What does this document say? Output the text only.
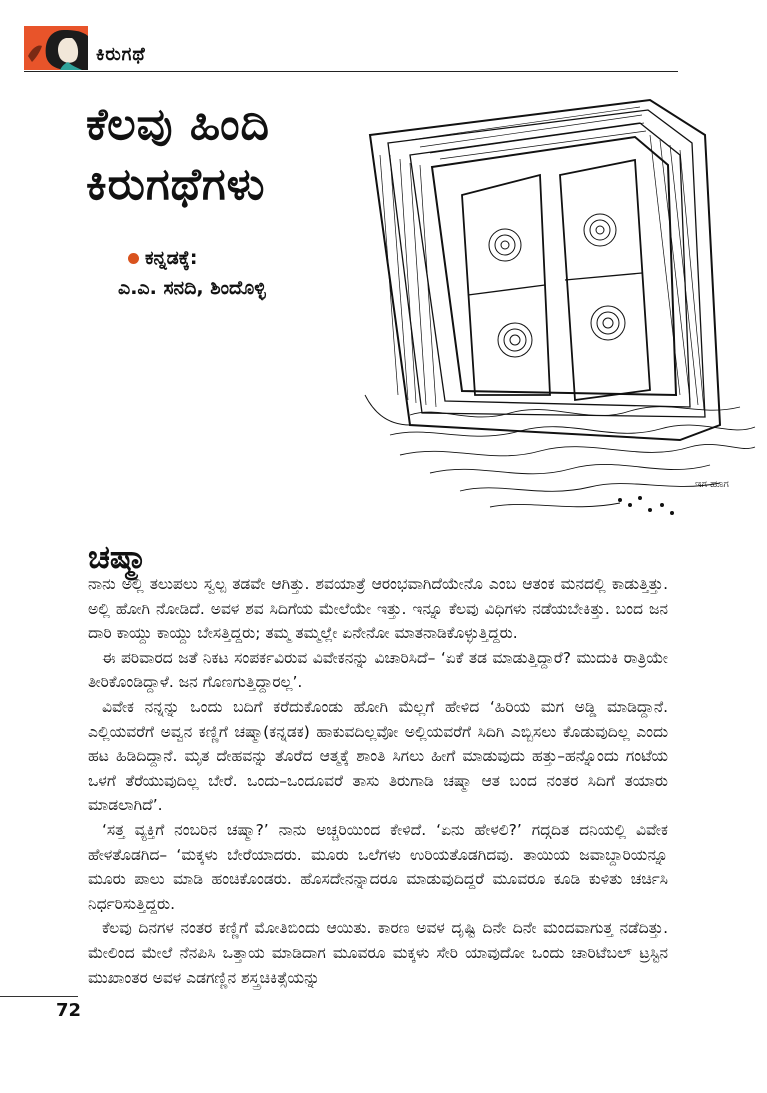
ಕಿರುಗಥೆ
ಕೆಲವು ಹಿಂದಿ
ಕಿರುಗಥೆಗಳು
ಕನ್ನಡಕ್ಕೆ:
ಎ.ಎ. ಸನದಿ, ಶಿಂದೊಳ್ಳಿ
ಇಗ ಹೂಗ
ಚಷ್ಮಾ

ನಾನು ಅಲ್ಲಿ ತಲುಪಲು ಸ್ವಲ್ಪ ತಡವೇ ಆಗಿತ್ತು. ಶವಯಾತ್ರೆ ಆರಂಭವಾಗಿದೆಯೇನೊ ಎಂಬ ಆತಂಕ ಮನದಲ್ಲಿ ಕಾಡುತ್ತಿತ್ತು. ಅಲ್ಲಿ ಹೋಗಿ ನೋಡಿದೆ. ಅವಳ ಶವ ಸಿದಿಗೆಯ ಮೇಲೆಯೇ ಇತ್ತು. ಇನ್ನೂ ಕೆಲವು ವಿಧಿಗಳು ನಡೆಯಬೇಕಿತ್ತು. ಬಂದ ಜನ ದಾರಿ ಕಾಯ್ದು ಕಾಯ್ದು ಬೇಸತ್ತಿದ್ದರು; ತಮ್ಮ ತಮ್ಮಲ್ಲೇ ಏನೇನೋ ಮಾತನಾಡಿಕೊಳ್ಳುತ್ತಿದ್ದರು.

ಈ ಪರಿವಾರದ ಜತೆ ನಿಕಟ ಸಂಪರ್ಕವಿರುವ ವಿವೇಕನನ್ನು ವಿಚಾರಿಸಿದೆ– ‘ಏಕೆ ತಡ ಮಾಡುತ್ತಿದ್ದಾರೆ? ಮುದುಕಿ ರಾತ್ರಿಯೇ ತೀರಿಕೊಂಡಿದ್ದಾಳೆ. ಜನ ಗೊಣಗುತ್ತಿದ್ದಾರಲ್ಲ’.

ವಿವೇಕ ನನ್ನನ್ನು ಒಂದು ಬದಿಗೆ ಕರೆದುಕೊಂಡು ಹೋಗಿ ಮೆಲ್ಲಗೆ ಹೇಳಿದ ‘ಹಿರಿಯ ಮಗ ಅಡ್ಡಿ ಮಾಡಿದ್ದಾನೆ. ಎಲ್ಲಿಯವರೆಗೆ ಅವ್ವನ ಕಣ್ಣಿಗೆ ಚಷ್ಮಾ(ಕನ್ನಡಕ) ಹಾಕುವದಿಲ್ಲವೋ ಅಲ್ಲಿಯವರೆಗೆ ಸಿದಿಗಿ ಎಬ್ಬಿಸಲು ಕೊಡುವುದಿಲ್ಲ ಎಂದು ಹಟ ಹಿಡಿದಿದ್ದಾನೆ. ಮೃತ ದೇಹವನ್ನು ತೊರೆದ ಆತ್ಮಕ್ಕೆ ಶಾಂತಿ ಸಿಗಲು ಹೀಗೆ ಮಾಡುವುದು ಹತ್ತು–ಹನ್ನೊಂದು ಗಂಟೆಯ ಒಳಗೆ ತೆರೆಯುವುದಿಲ್ಲ ಬೇರೆ. ಒಂದು–ಒಂದೂವರೆ ತಾಸು ತಿರುಗಾಡಿ ಚಷ್ಮಾ ಆತ ಬಂದ ನಂತರ ಸಿದಿಗೆ ತಯಾರು ಮಾಡಲಾಗಿದೆ’.

‘ಸತ್ತ ವ್ಯಕ್ತಿಗೆ ನಂಬರಿನ ಚಷ್ಮಾ?’ ನಾನು ಅಚ್ಚರಿಯಿಂದ ಕೇಳಿದೆ. ‘ಏನು ಹೇಳಲಿ?’ ಗದ್ಗದಿತ ದನಿಯಲ್ಲಿ ವಿವೇಕ ಹೇಳತೊಡಗಿದ– ‘ಮಕ್ಕಳು ಬೇರೆಯಾದರು. ಮೂರು ಒಲೆಗಳು ಉರಿಯತೊಡಗಿದವು. ತಾಯಿಯ ಜವಾಬ್ದಾರಿಯನ್ನೂ ಮೂರು ಪಾಲು ಮಾಡಿ ಹಂಚಿಕೊಂಡರು. ಹೊಸದೇನನ್ನಾದರೂ ಮಾಡುವುದಿದ್ದರೆ ಮೂವರೂ ಕೂಡಿ ಕುಳಿತು ಚರ್ಚಿಸಿ ನಿರ್ಧರಿಸುತ್ತಿದ್ದರು.

ಕೆಲವು ದಿನಗಳ ನಂತರ ಕಣ್ಣಿಗೆ ಮೋತಿಬಿಂದು ಆಯಿತು. ಕಾರಣ ಅವಳ ದೃಷ್ಟಿ ದಿನೇ ದಿನೇ ಮಂದವಾಗುತ್ತ ನಡೆದಿತ್ತು. ಮೇಲಿಂದ ಮೇಲೆ ನೆನಪಿಸಿ ಒತ್ತಾಯ ಮಾಡಿದಾಗ ಮೂವರೂ ಮಕ್ಕಳು ಸೇರಿ ಯಾವುದೋ ಒಂದು ಚಾರಿಟೆಬಲ್ ಟ್ರಸ್ಟಿನ ಮುಖಾಂತರ ಅವಳ ಎಡಗಣ್ಣಿನ ಶಸ್ತ್ರಚಿಕಿತ್ಸೆಯನ್ನು

72
